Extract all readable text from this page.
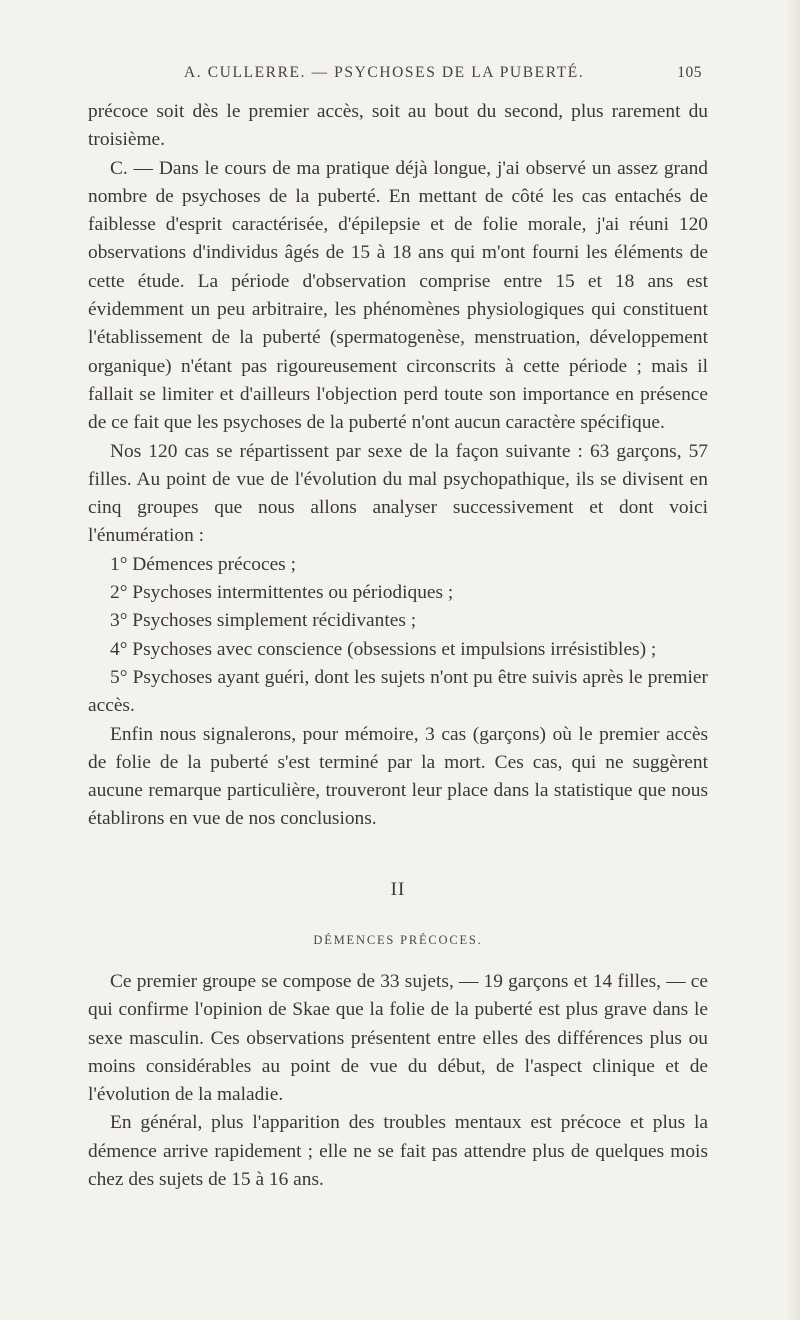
A. CULLERRE. — PSYCHOSES DE LA PUBERTÉ.	105

précoce soit dès le premier accès, soit au bout du second, plus rarement du troisième.

C. — Dans le cours de ma pratique déjà longue, j'ai observé un assez grand nombre de psychoses de la puberté. En mettant de côté les cas entachés de faiblesse d'esprit caractérisée, d'épilepsie et de folie morale, j'ai réuni 120 observations d'individus âgés de 15 à 18 ans qui m'ont fourni les éléments de cette étude. La période d'observation comprise entre 15 et 18 ans est évidemment un peu arbitraire, les phénomènes physiologiques qui constituent l'établissement de la puberté (spermatogenèse, menstruation, développement organique) n'étant pas rigoureusement circonscrits à cette période ; mais il fallait se limiter et d'ailleurs l'objection perd toute son importance en présence de ce fait que les psychoses de la puberté n'ont aucun caractère spécifique.

Nos 120 cas se répartissent par sexe de la façon suivante : 63 garçons, 57 filles. Au point de vue de l'évolution du mal psychopathique, ils se divisent en cinq groupes que nous allons analyser successivement et dont voici l'énumération :

1° Démences précoces ;

2° Psychoses intermittentes ou périodiques ;

3° Psychoses simplement récidivantes ;

4° Psychoses avec conscience (obsessions et impulsions irrésistibles) ;

5° Psychoses ayant guéri, dont les sujets n'ont pu être suivis après le premier accès.

Enfin nous signalerons, pour mémoire, 3 cas (garçons) où le premier accès de folie de la puberté s'est terminé par la mort. Ces cas, qui ne suggèrent aucune remarque particulière, trouveront leur place dans la statistique que nous établirons en vue de nos conclusions.

II
DÉMENCES PRÉCOCES.

Ce premier groupe se compose de 33 sujets, — 19 garçons et 14 filles, — ce qui confirme l'opinion de Skae que la folie de la puberté est plus grave dans le sexe masculin. Ces observations présentent entre elles des différences plus ou moins considérables au point de vue du début, de l'aspect clinique et de l'évolution de la maladie.

En général, plus l'apparition des troubles mentaux est précoce et plus la démence arrive rapidement ; elle ne se fait pas attendre plus de quelques mois chez des sujets de 15 à 16 ans.
